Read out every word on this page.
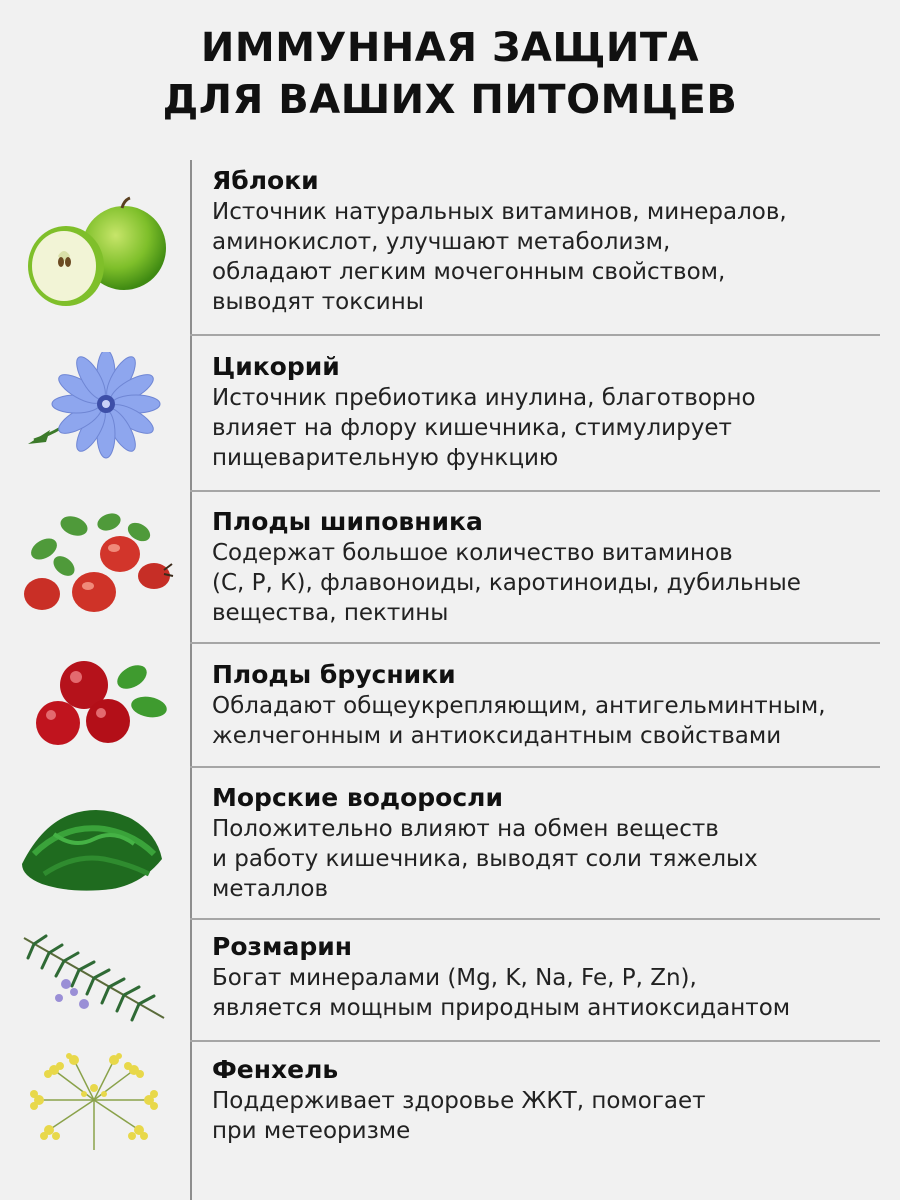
ИММУННАЯ ЗАЩИТА
ДЛЯ ВАШИХ ПИТОМЦЕВ
Яблоки
Источник натуральных витаминов, минералов,
аминокислот, улучшают метаболизм,
обладают легким мочегонным свойством,
выводят токсины
Цикорий
Источник пребиотика инулина, благотворно
влияет на флору кишечника, стимулирует
пищеварительную функцию
Плоды шиповника
Содержат большое количество витаминов
(С, Р, К), флавоноиды, каротиноиды, дубильные
вещества, пектины
Плоды брусники
Обладают общеукрепляющим, антигельминтным,
желчегонным и антиоксидантным свойствами
Морские водоросли
Положительно влияют на обмен веществ
и работу кишечника, выводят соли тяжелых
металлов
Розмарин
Богат минералами (Mg, K, Na, Fe, P, Zn),
является мощным природным антиоксидантом
Фенхель
Поддерживает здоровье ЖКТ, помогает
при метеоризме
